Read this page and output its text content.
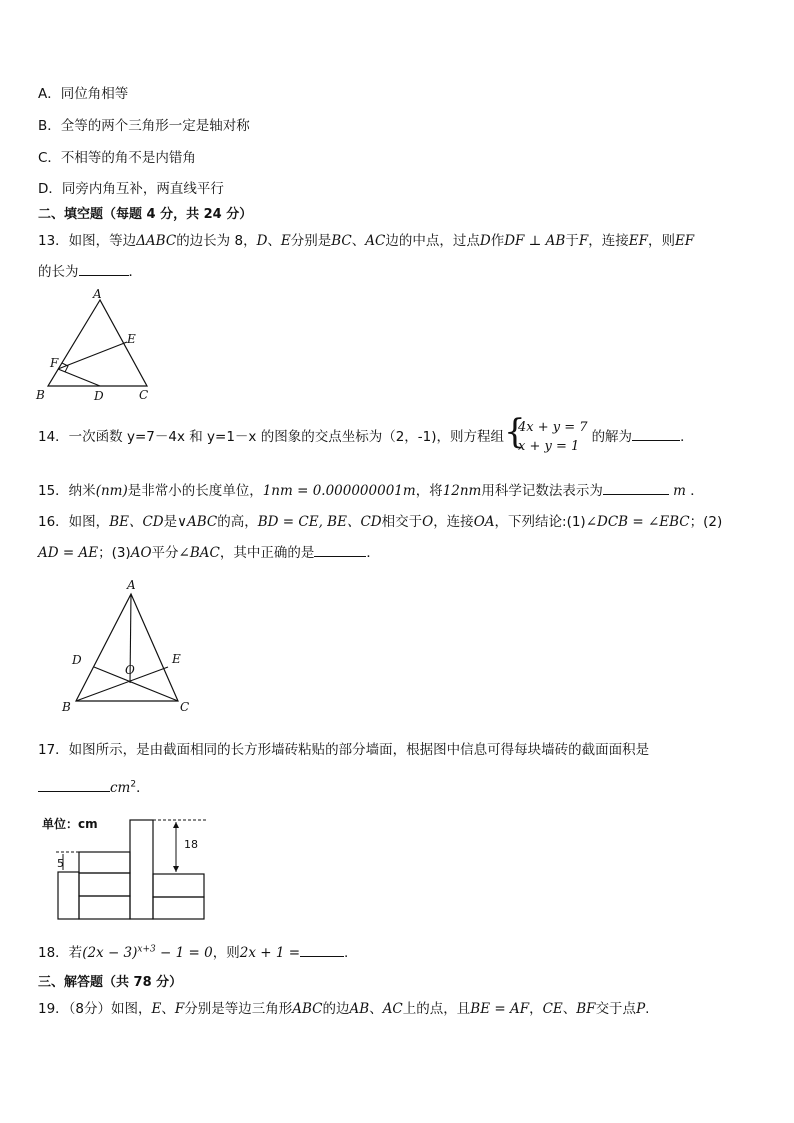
A．同位角相等
B．全等的两个三角形一定是轴对称
C．不相等的角不是内错角
D．同旁内角互补，两直线平行
二、填空题（每题 4 分，共 24 分）
13．如图，等边ΔABC的边长为 8，D、E分别是BC、AC边的中点，过点D作DF ⊥ AB于F，连接EF，则EF
的长为	．
A
B	C
D
E
F
14．一次函数 y=7－4x 和 y=1－x 的图象的交点坐标为（2，-1)，则方程组 {
4x + y = 7
x + y = 1的解为	．
15．纳米(nm)是非常小的长度单位，1nm = 0.000000001m，将12nm用科学记数法表示为	m ．
16．如图，BE、CD是∨ABC的高，BD = CE, BE、CD相交于O，连接OA，下列结论:(1)∠DCB = ∠EBC；(2)
AD = AE；(3)AO平分∠BAC，其中正确的是	．
A
B	C
D	E
O
17．如图所示，是由截面相同的长方形墙砖粘贴的部分墙面，根据图中信息可得每块墙砖的截面面积是
$cm^2$．
单位：cm
5
18
18．若$(2x - 3)^{x+3} - 1 = 0$，则2x + 1 =	.
三、解答题（共 78 分）
19．（8分）如图，E、F分别是等边三角形ABC的边AB、AC上的点，且BE = AF，CE、BF交于点P.
